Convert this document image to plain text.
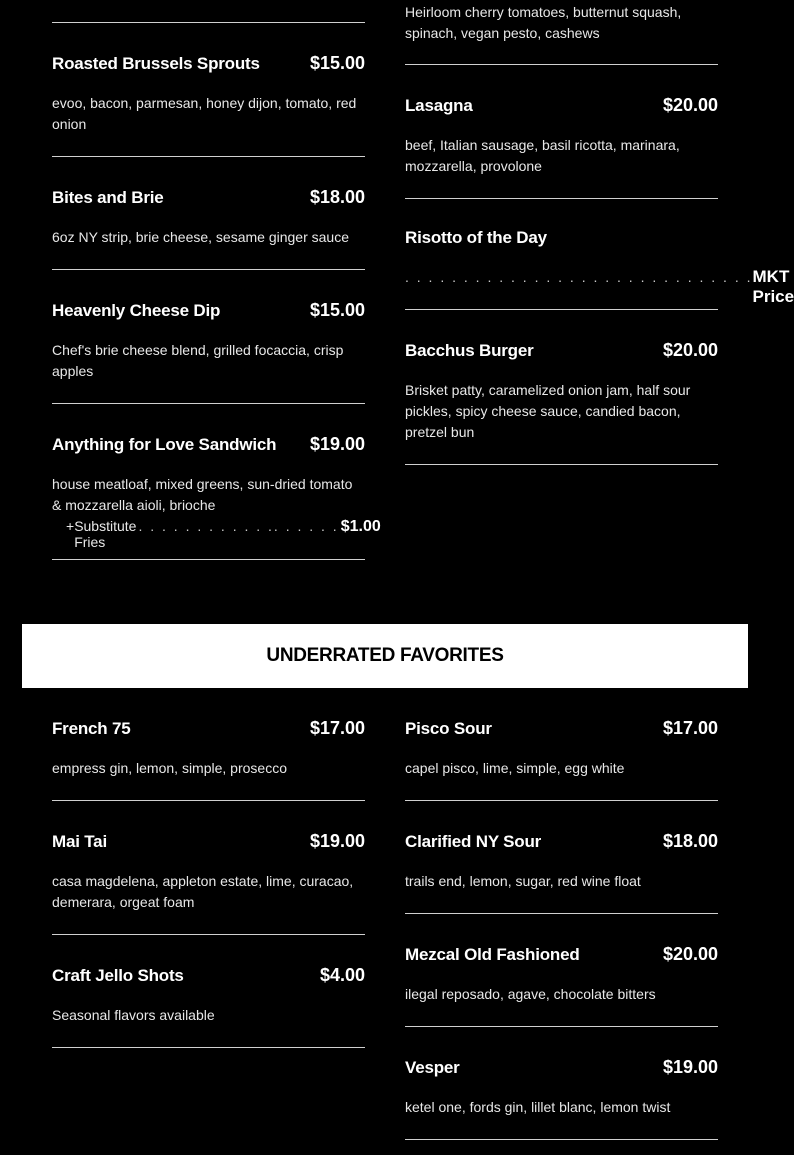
Roasted Brussels Sprouts	$15.00
evoo, bacon, parmesan, honey dijon, tomato, red onion
Bites and Brie	$18.00
6oz NY strip, brie cheese, sesame ginger sauce
Heavenly Cheese Dip	$15.00
Chef's brie cheese blend, grilled focaccia, crisp apples
Anything for Love Sandwich $19.00
house meatloaf, mixed greens, sun-dried tomato & mozzarella aioli, brioche
+ Substitute Fries
. . . . . . . . . . . .. . . . . . $1.00
Heirloom cherry tomatoes, butternut squash, spinach, vegan pesto, cashews
Lasagna	$20.00
beef, Italian sausage, basil ricotta, marinara, mozzarella, provolone
Risotto of the Day
. . . . . . . . . . . . . . . . . . . . . . . . . . . . . . MKT Price
Bacchus Burger	$20.00
Brisket patty, caramelized onion jam, half sour pickles, spicy cheese sauce, candied bacon, pretzel bun
UNDERRATED FAVORITES
French 75	$17.00
empress gin, lemon, simple, prosecco
Mai Tai	$19.00
casa magdelena, appleton estate, lime, curacao, demerara, orgeat foam
Craft Jello Shots	$4.00
Seasonal flavors available
Pisco Sour	$17.00
capel pisco, lime, simple, egg white
Clarified NY Sour	$18.00
trails end, lemon, sugar, red wine float
Mezcal Old Fashioned	$20.00
ilegal reposado, agave, chocolate bitters
Vesper	$19.00
ketel one, fords gin, lillet blanc, lemon twist
